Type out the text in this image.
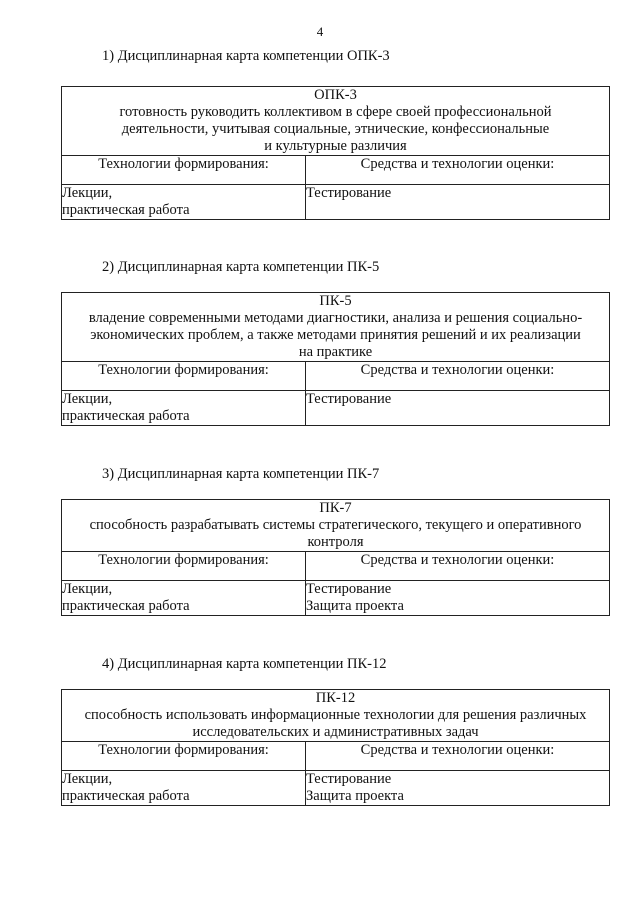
4
1) Дисциплинарная карта компетенции ОПК-3
ОПК-3
готовность руководить коллективом в сфере своей профессиональной
деятельности, учитывая социальные, этнические, конфессиональные
и культурные различия	

Технологии формирования:	Средства и технологии оценки:

Лекции,
практическая работа	Тестирование
2) Дисциплинарная карта компетенции ПК-5
ПК-5
владение современными методами диагностики, анализа и решения социально-
экономических проблем, а также методами принятия решений и их реализации
на практике	

Технологии формирования:	Средства и технологии оценки:

Лекции,
практическая работа	Тестирование
3) Дисциплинарная карта компетенции ПК-7
ПК-7
способность разрабатывать системы стратегического, текущего и оперативного
контроля	

Технологии формирования:	Средства и технологии оценки:

Лекции,
практическая работа	Тестирование
Защита проекта
4) Дисциплинарная карта компетенции ПК-12
ПК-12
способность использовать информационные технологии для решения различных
исследовательских и административных задач	

Технологии формирования:	Средства и технологии оценки:

Лекции,
практическая работа	Тестирование
Защита проекта
